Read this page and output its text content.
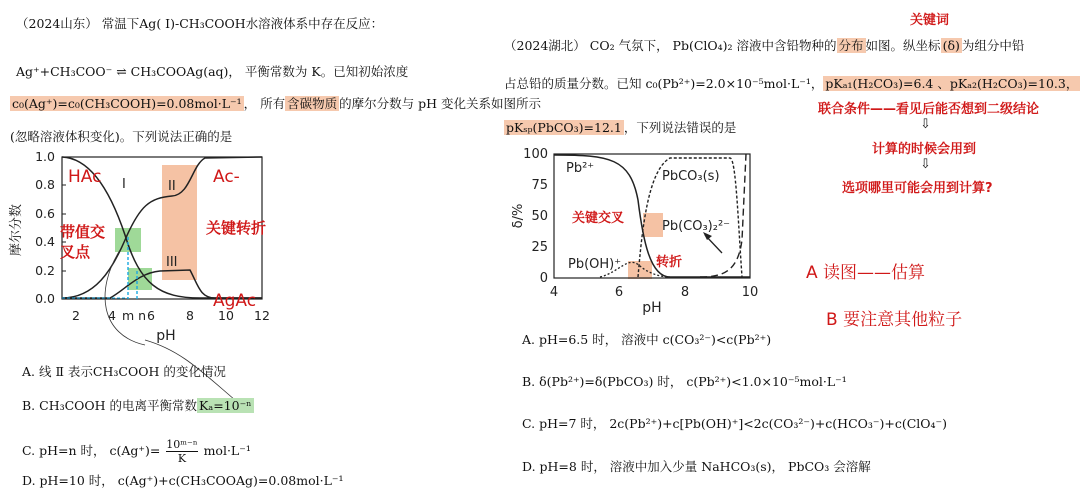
（2024山东） 常温下Ag( I)-CH₃COOH水溶液体系中存在反应：
Ag⁺+CH₃COO⁻ ⇌ CH₃COOAg(aq)， 平衡常数为 K。已知初始浓度
c₀(Ag⁺)=c₀(CH₃COOH)=0.08mol·L⁻¹ ， 所有 含碳物质 的摩尔分数与 pH 变化关系如图所示
(忽略溶液体积变化)。下列说法正确的是
0.0
0.2
0.4
0.6
0.8
1.0
2 4 m n 6 8 10 12
pH
摩尔分数
I	II
III
HAc	Ac-
AgAc
关键转折
带值交
叉点
A. 线 Ⅱ 表示CH₃COOH 的变化情况
B. CH₃COOH 的电离平衡常数 Kₐ=10⁻ⁿ
C. pH=n 时， $c(Ag^+)= \frac{\text{10ᵐ⁻ⁿ}}{K} mol\cdot L^{-1}$
D. pH=10 时， c(Ag⁺)+c(CH₃COOAg)=0.08mol·L⁻¹
（2024湖北） CO₂ 气氛下， Pb(ClO₄)₂ 溶液中含铅物种的 分布 如图。纵坐标 (δ) 为组分中铅
占总铅的质量分数。已知 c₀(Pb²⁺)=2.0×10⁻⁵mol·L⁻¹， pKₐ₁(H₂CO₃)=6.4 、pKₐ₂(H₂CO₃)=10.3，
pKₛₚ(PbCO₃)=12.1 ，下列说法错误的是
关键词
联合条件——看见后能否想到二级结论
⇩
计算的时候会用到
⇩
选项哪里可能会用到计算?
A 读图——估算
B 要注意其他粒子
0
25
50
75
100
4	6	8	10
pH
δ/%
Pb²⁺
PbCO₃(s)
Pb(CO₃)₂²⁻
Pb(OH)⁺
关键交叉
转折
A. pH=6.5 时， 溶液中 c(CO₃²⁻)<c(Pb²⁺)
B. δ(Pb²⁺)=δ(PbCO₃) 时， c(Pb²⁺)<1.0×10⁻⁵mol·L⁻¹
C. pH=7 时， 2c(Pb²⁺)+c[Pb(OH)⁺]<2c(CO₃²⁻)+c(HCO₃⁻)+c(ClO₄⁻)
D. pH=8 时， 溶液中加入少量 NaHCO₃(s)， PbCO₃ 会溶解
